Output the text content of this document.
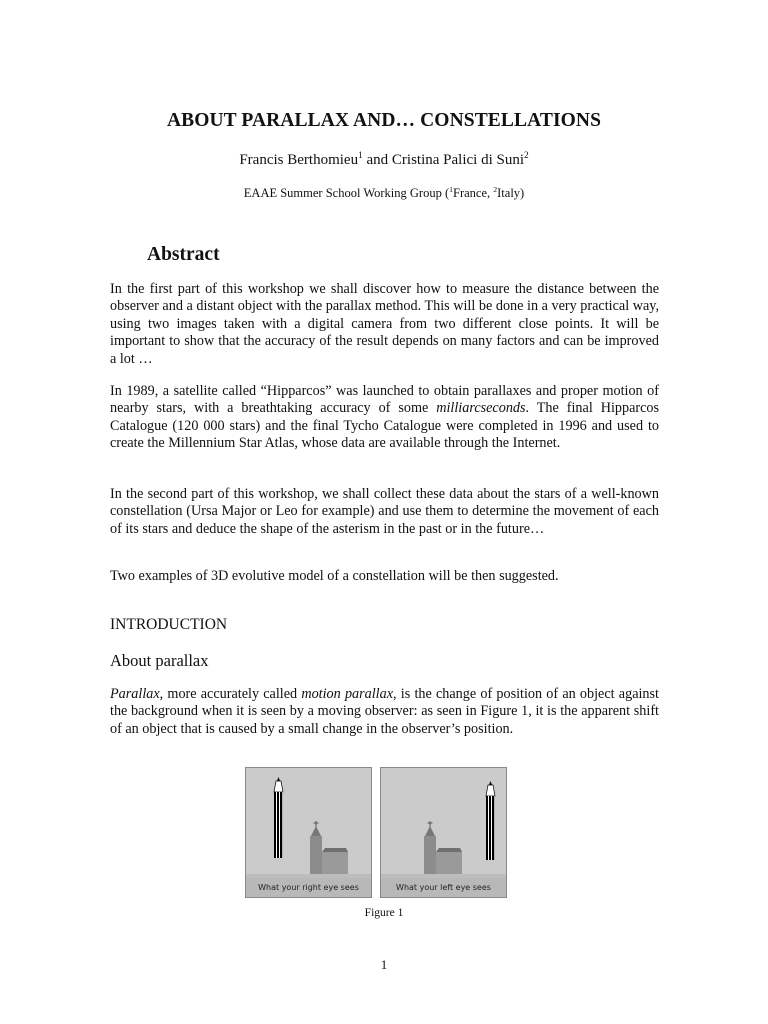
ABOUT PARALLAX AND… CONSTELLATIONS
Francis Berthomieu$^1$ and Cristina Palici di Suni$^2$
EAAE Summer School Working Group ($^1$France, $^2$Italy)
Abstract

In the first part of this workshop we shall discover how to measure the distance between the observer and a distant object with the parallax method. This will be done in a very practical way, using two images taken with a digital camera from two different close points. It will be important to show that the accuracy of the result depends on many factors and can be improved a lot …

In 1989, a satellite called “Hipparcos” was launched to obtain parallaxes and proper motion of nearby stars, with a breathtaking accuracy of some milliarcseconds. The final Hipparcos Catalogue (120 000 stars) and the final Tycho Catalogue were completed in 1996 and used to create the Millennium Star Atlas, whose data are available through the Internet.

In the second part of this workshop, we shall collect these data about the stars of a well-known constellation (Ursa Major or Leo for example) and use them to determine the movement of each of its stars and deduce the shape of the asterism in the past or in the future…

Two examples of 3D evolutive model of a constellation will be then suggested.

INTRODUCTION
About parallax

Parallax, more accurately called motion parallax, is the change of position of an object against the background when it is seen by a moving observer: as seen in Figure 1, it is the apparent shift of an object that is caused by a small change in the observer’s position.

What your right eye sees	What your left eye sees
Figure 1
1
